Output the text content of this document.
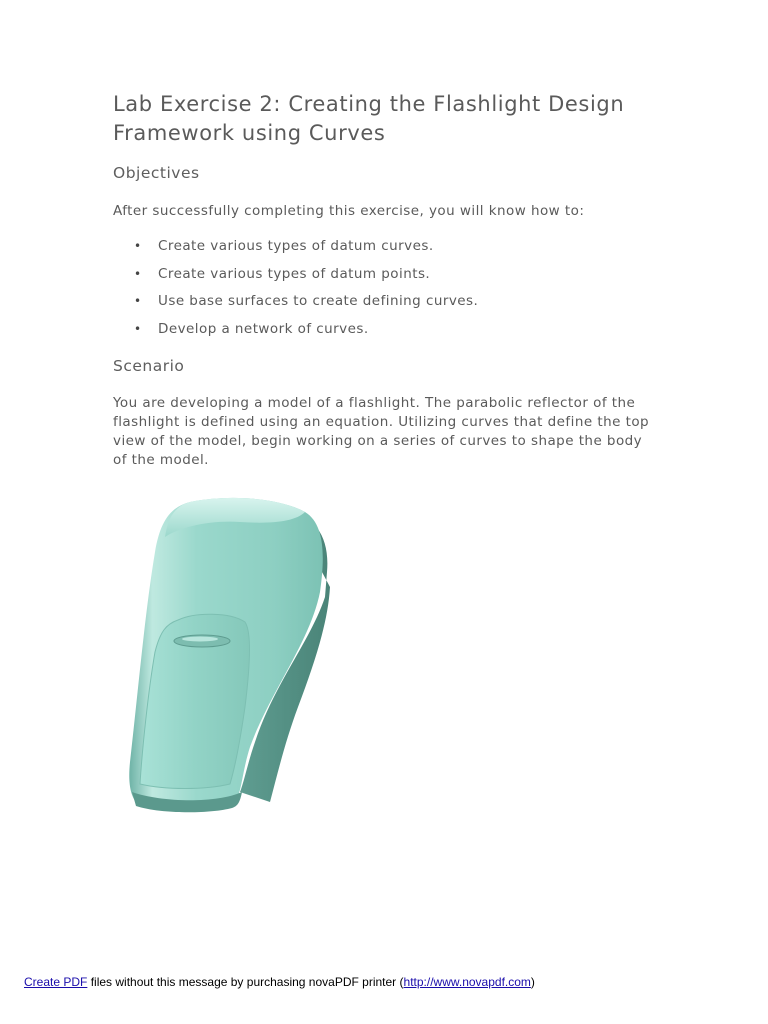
Lab Exercise 2: Creating the Flashlight Design Framework using Curves
Objectives

After successfully completing this exercise, you will know how to:

• Create various types of datum curves.
• Create various types of datum points.
• Use base surfaces to create defining curves.
• Develop a network of curves.
Scenario

You are developing a model of a flashlight. The parabolic reflector of the flashlight is defined using an equation. Utilizing curves that define the top view of the model, begin working on a series of curves to shape the body of the model.

Create PDF files without this message by purchasing novaPDF printer (http://www.novapdf.com)
